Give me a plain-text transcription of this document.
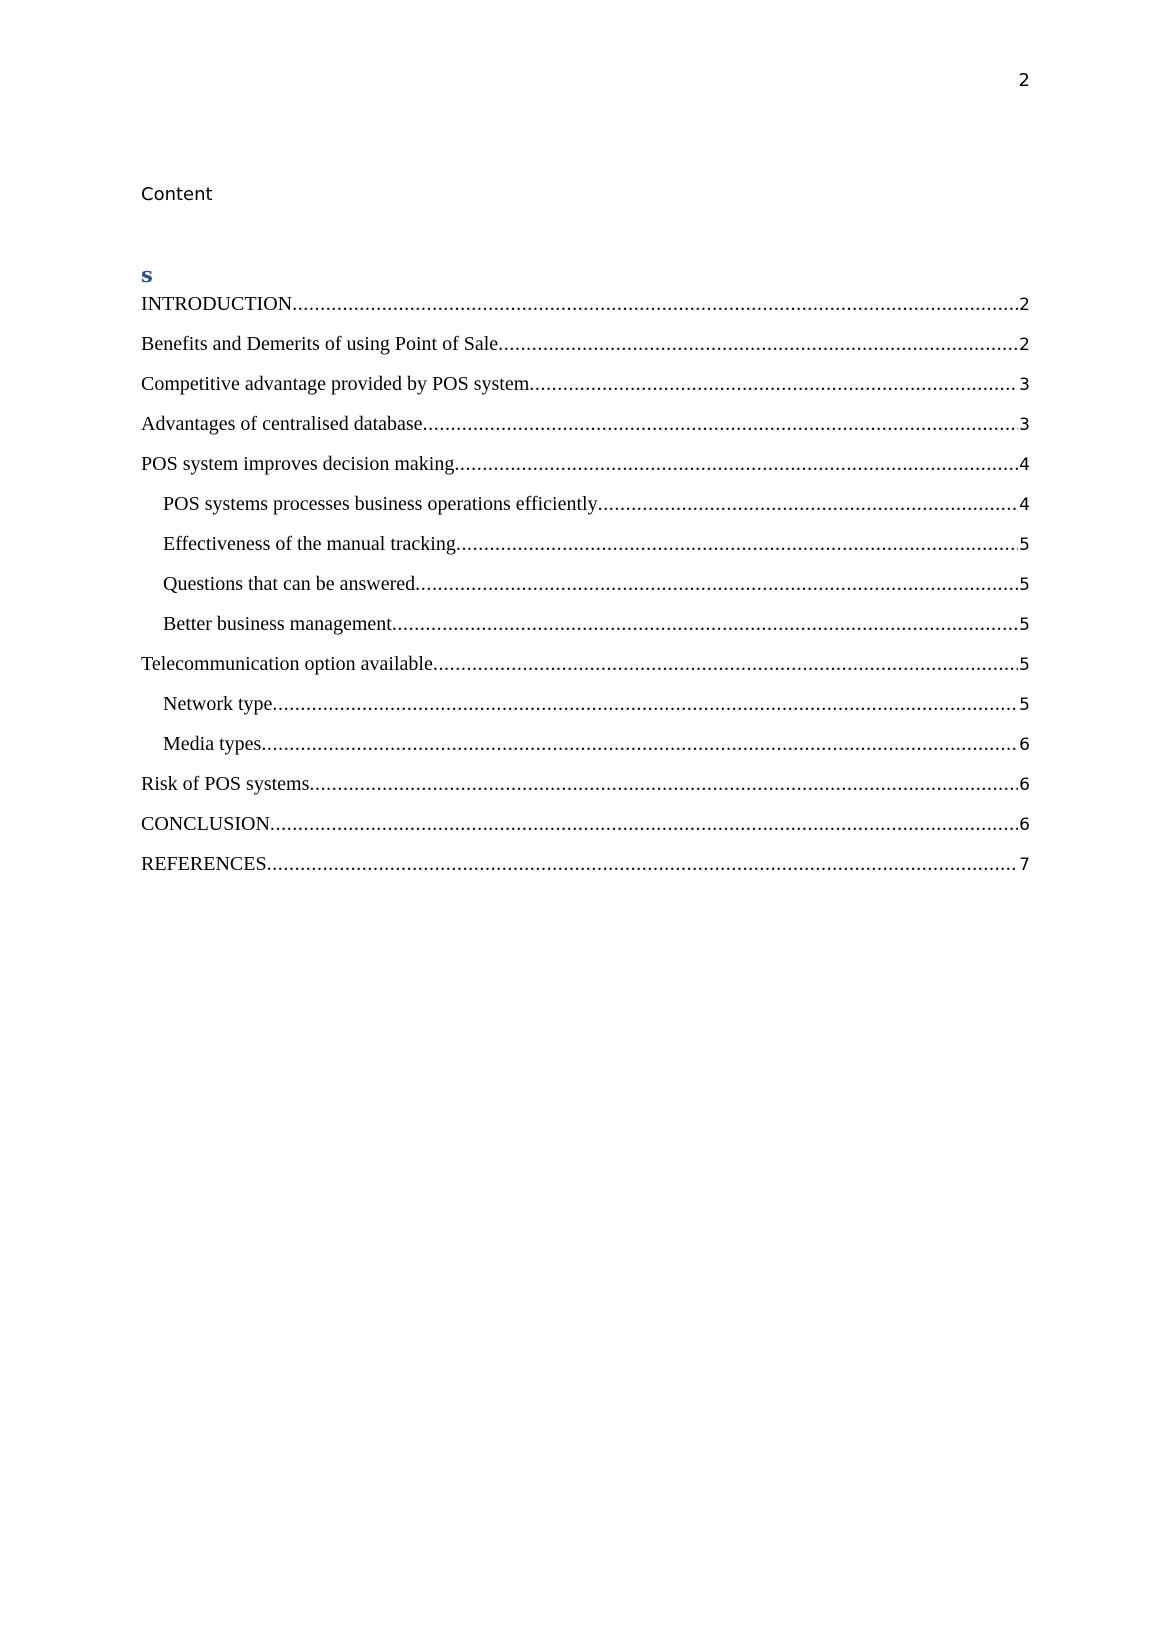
2
Content
s
INTRODUCTION .....	2
Benefits and Demerits of using Point of Sale .....	2
Competitive advantage provided by POS system .....	3
Advantages of centralised database .....	3
POS system improves decision making .....	4
POS systems processes business operations efficiently .....	4
Effectiveness of the manual tracking .....	5
Questions that can be answered .....	5
Better business management .....	5
Telecommunication option available .....	5
Network type .....	5
Media types .....	6
Risk of POS systems .....	6
CONCLUSION .....	6
REFERENCES .....	7
